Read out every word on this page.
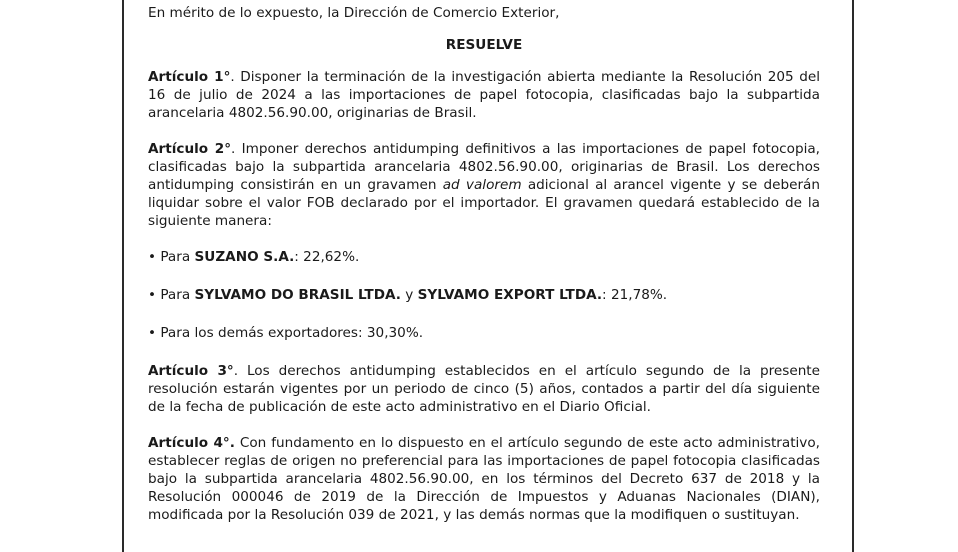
En mérito de lo expuesto, la Dirección de Comercio Exterior,

RESUELVE

Artículo 1°. Disponer la terminación de la investigación abierta mediante la Resolución 205 del 16 de julio de 2024 a las importaciones de papel fotocopia, clasificadas bajo la subpartida arancelaria 4802.56.90.00, originarias de Brasil.

Artículo 2°. Imponer derechos antidumping definitivos a las importaciones de papel fotocopia, clasificadas bajo la subpartida arancelaria 4802.56.90.00, originarias de Brasil. Los derechos antidumping consistirán en un gravamen ad valorem adicional al arancel vigente y se deberán liquidar sobre el valor FOB declarado por el importador. El gravamen quedará establecido de la siguiente manera:

• Para SUZANO S.A.: 22,62%.

• Para SYLVAMO DO BRASIL LTDA. y SYLVAMO EXPORT LTDA.: 21,78%.

• Para los demás exportadores: 30,30%.

Artículo 3°. Los derechos antidumping establecidos en el artículo segundo de la presente resolución estarán vigentes por un periodo de cinco (5) años, contados a partir del día siguiente de la fecha de publicación de este acto administrativo en el Diario Oficial.

Artículo 4°. Con fundamento en lo dispuesto en el artículo segundo de este acto administrativo, establecer reglas de origen no preferencial para las importaciones de papel fotocopia clasificadas bajo la subpartida arancelaria 4802.56.90.00, en los términos del Decreto 637 de 2018 y la Resolución 000046 de 2019 de la Dirección de Impuestos y Aduanas Nacionales (DIAN), modificada por la Resolución 039 de 2021, y las demás normas que la modifiquen o sustituyan.
